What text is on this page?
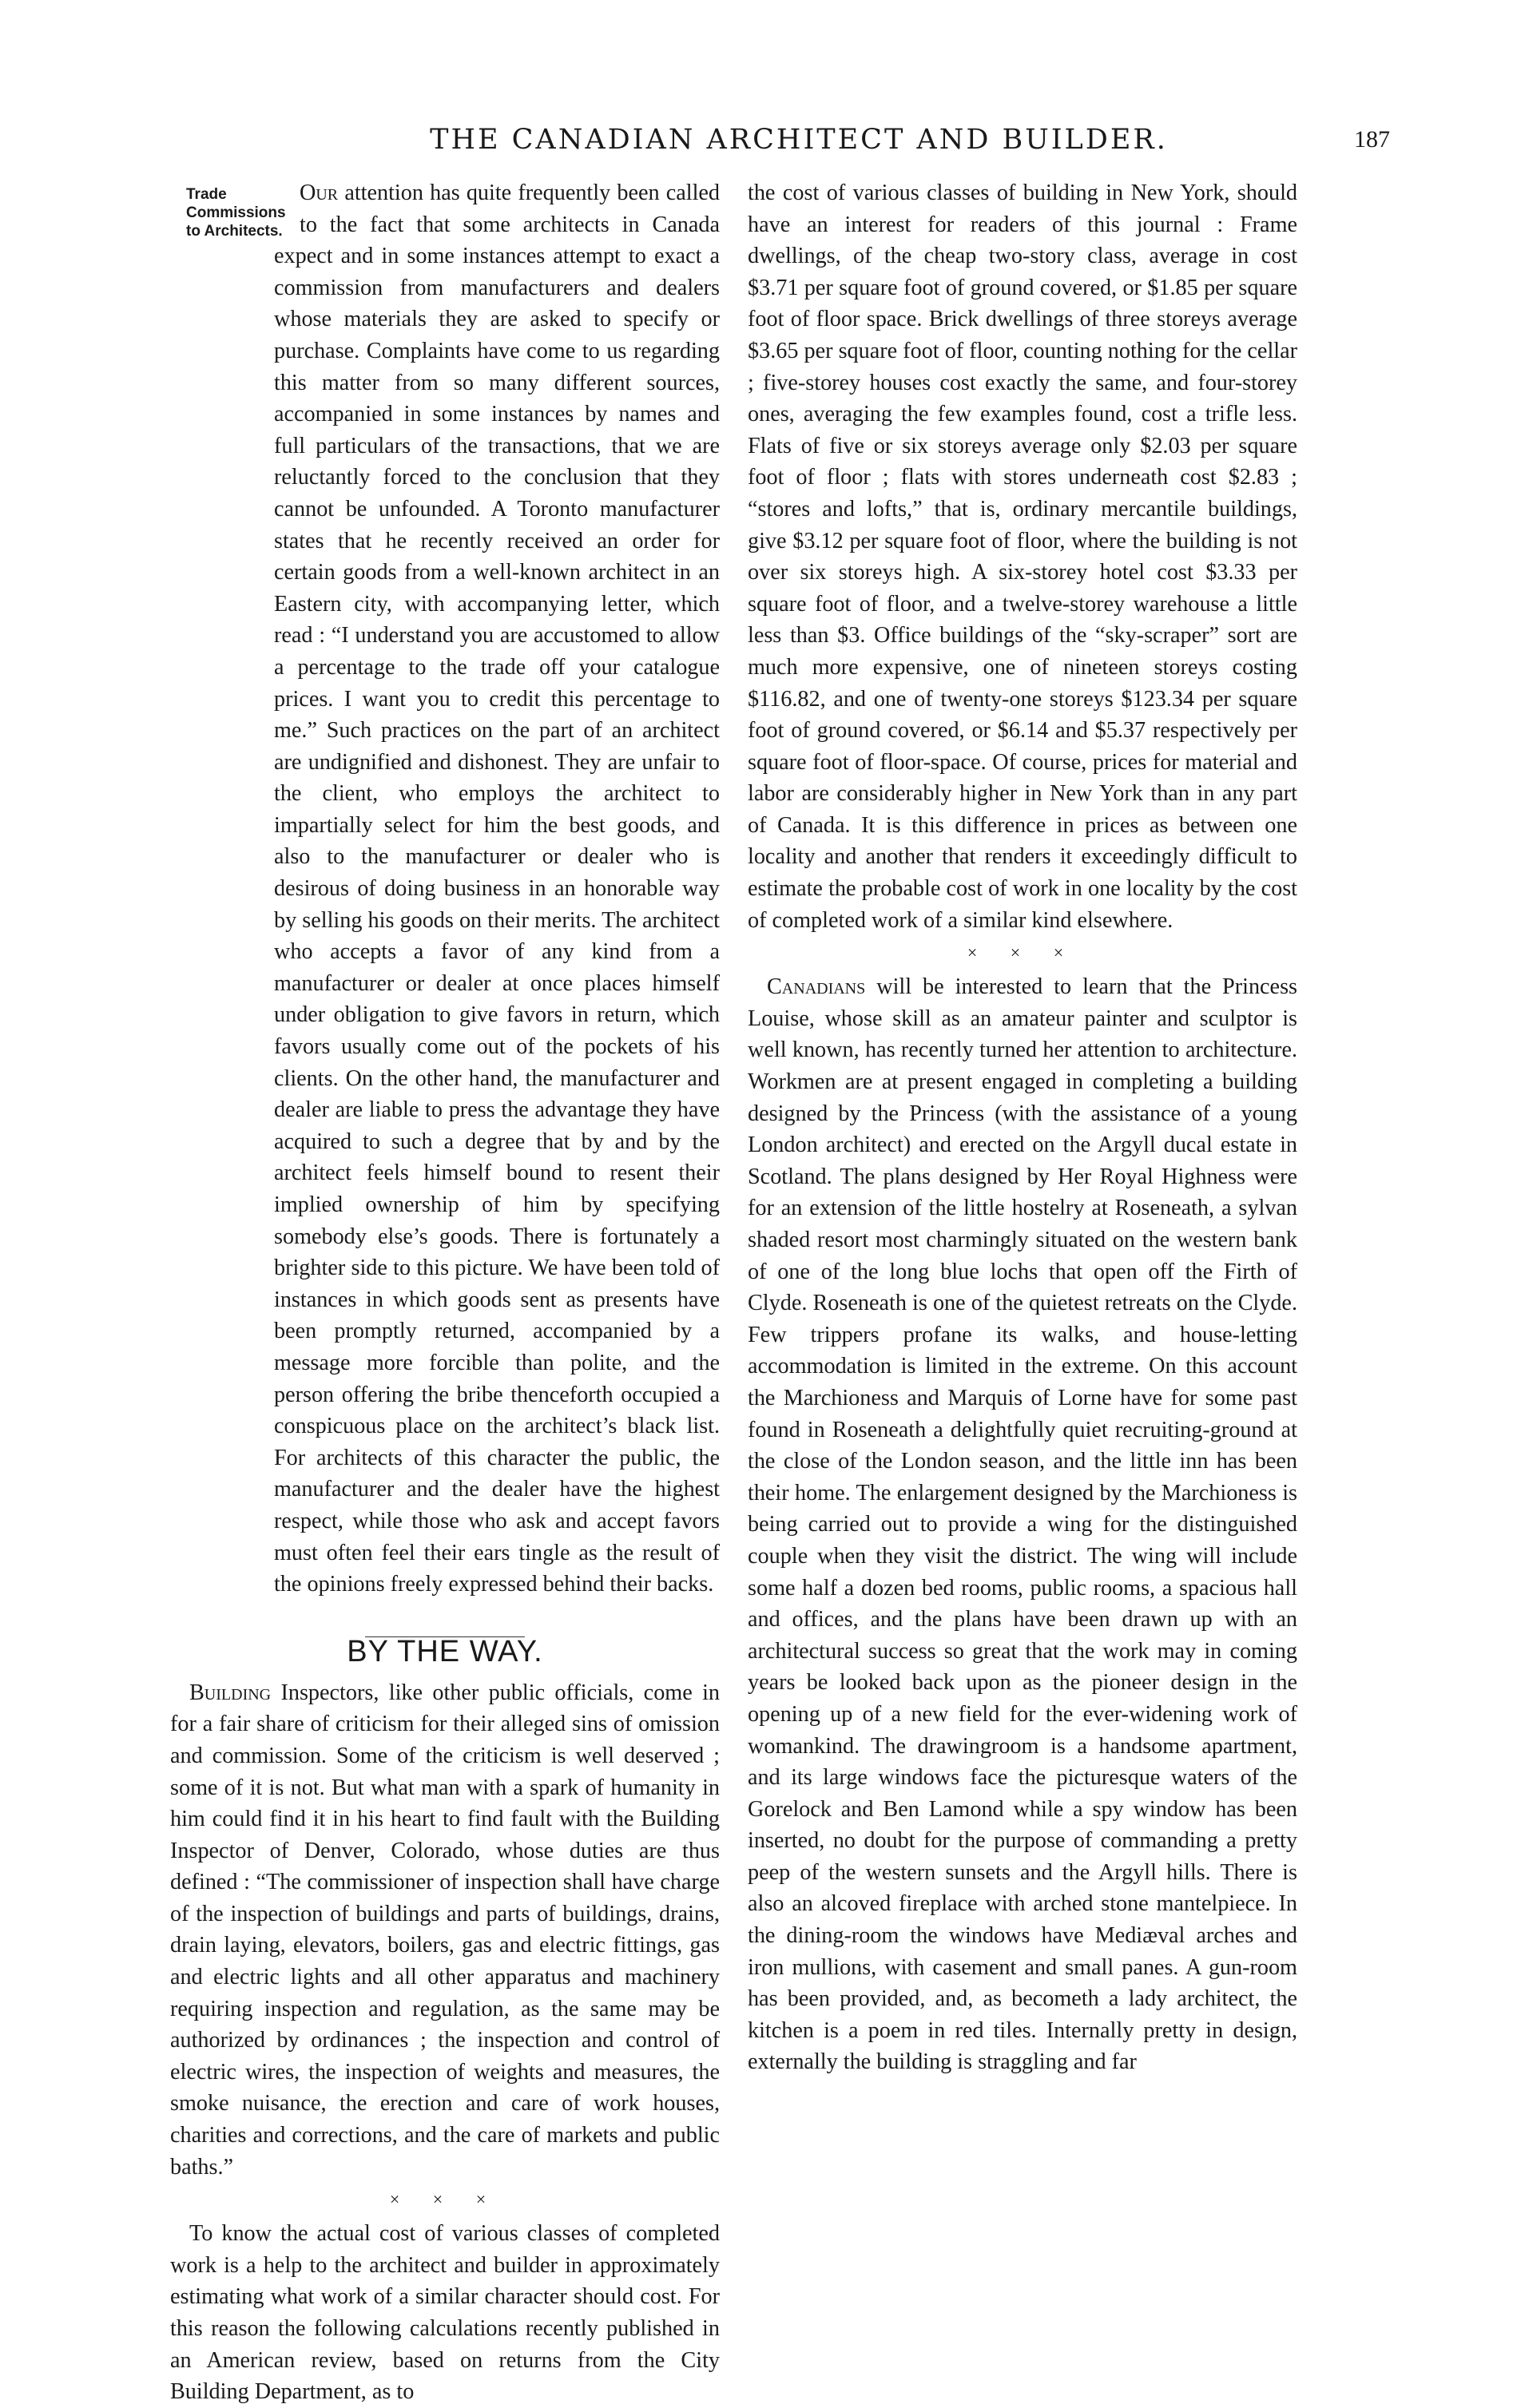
THE CANADIAN ARCHITECT AND BUILDER.	187

Trade Commissions to Architects.
Our attention has quite frequently been called to the fact that some architects in Canada expect and in some instances attempt to exact a commission from manufacturers and dealers whose materials they are asked to specify or purchase. Complaints have come to us regarding this matter from so many different sources, accompanied in some instances by names and full particulars of the transactions, that we are reluctantly forced to the conclusion that they cannot be unfounded. A Toronto manufacturer states that he recently received an order for certain goods from a well-known architect in an Eastern city, with accompanying letter, which read : “I understand you are accustomed to allow a percentage to the trade off your catalogue prices. I want you to credit this percentage to me.” Such practices on the part of an architect are undignified and dishonest. They are unfair to the client, who employs the architect to impartially select for him the best goods, and also to the manufacturer or dealer who is desirous of doing business in an honorable way by selling his goods on their merits. The architect who accepts a favor of any kind from a manufacturer or dealer at once places himself under obligation to give favors in return, which favors usually come out of the pockets of his clients. On the other hand, the manufacturer and dealer are liable to press the advantage they have acquired to such a degree that by and by the architect feels himself bound to resent their implied ownership of him by specifying somebody else’s goods. There is fortunately a brighter side to this picture. We have been told of instances in which goods sent as presents have been promptly returned, accompanied by a message more forcible than polite, and the person offering the bribe thenceforth occupied a conspicuous place on the architect’s black list. For architects of this character the public, the manufacturer and the dealer have the highest respect, while those who ask and accept favors must often feel their ears tingle as the result of the opinions freely expressed behind their backs.

BY THE WAY.

Building Inspectors, like other public officials, come in for a fair share of criticism for their alleged sins of omission and commission. Some of the criticism is well deserved ; some of it is not. But what man with a spark of humanity in him could find it in his heart to find fault with the Building Inspector of Denver, Colorado, whose duties are thus defined : “The commissioner of inspection shall have charge of the inspection of buildings and parts of buildings, drains, drain laying, elevators, boilers, gas and electric fittings, gas and electric lights and all other apparatus and machinery requiring inspection and regulation, as the same may be authorized by ordinances ; the inspection and control of electric wires, the inspection of weights and measures, the smoke nuisance, the erection and care of work houses, charities and corrections, and the care of markets and public baths.”

× × ×

To know the actual cost of various classes of completed work is a help to the architect and builder in approximately estimating what work of a similar character should cost. For this reason the following calculations recently published in an American review, based on returns from the City Building Department, as to

the cost of various classes of building in New York, should have an interest for readers of this journal : Frame dwellings, of the cheap two-story class, average in cost $3.71 per square foot of ground covered, or $1.85 per square foot of floor space. Brick dwellings of three storeys average $3.65 per square foot of floor, counting nothing for the cellar ; five-storey houses cost exactly the same, and four-storey ones, averaging the few examples found, cost a trifle less. Flats of five or six storeys average only $2.03 per square foot of floor ; flats with stores underneath cost $2.83 ; “stores and lofts,” that is, ordinary mercantile buildings, give $3.12 per square foot of floor, where the building is not over six storeys high. A six-storey hotel cost $3.33 per square foot of floor, and a twelve-storey warehouse a little less than $3. Office buildings of the “sky-scraper” sort are much more expensive, one of nineteen storeys costing $116.82, and one of twenty-one storeys $123.34 per square foot of ground covered, or $6.14 and $5.37 respectively per square foot of floor-space. Of course, prices for material and labor are considerably higher in New York than in any part of Canada. It is this difference in prices as between one locality and another that renders it exceedingly difficult to estimate the probable cost of work in one locality by the cost of completed work of a similar kind elsewhere.

× × ×

Canadians will be interested to learn that the Princess Louise, whose skill as an amateur painter and sculptor is well known, has recently turned her attention to architecture. Workmen are at present engaged in completing a building designed by the Princess (with the assistance of a young London architect) and erected on the Argyll ducal estate in Scotland. The plans designed by Her Royal Highness were for an extension of the little hostelry at Roseneath, a sylvan shaded resort most charmingly situated on the western bank of one of the long blue lochs that open off the Firth of Clyde. Roseneath is one of the quietest retreats on the Clyde. Few trippers profane its walks, and house-letting accommodation is limited in the extreme. On this account the Marchioness and Marquis of Lorne have for some past found in Roseneath a delightfully quiet recruiting-ground at the close of the London season, and the little inn has been their home. The enlargement designed by the Marchioness is being carried out to provide a wing for the distinguished couple when they visit the district. The wing will include some half a dozen bed rooms, public rooms, a spacious hall and offices, and the plans have been drawn up with an architectural success so great that the work may in coming years be looked back upon as the pioneer design in the opening up of a new field for the ever-widening work of womankind. The drawingroom is a handsome apartment, and its large windows face the picturesque waters of the Gorelock and Ben Lamond while a spy window has been inserted, no doubt for the purpose of commanding a pretty peep of the western sunsets and the Argyll hills. There is also an alcoved fireplace with arched stone mantelpiece. In the dining-room the windows have Mediæval arches and iron mullions, with casement and small panes. A gun-room has been provided, and, as becometh a lady architect, the kitchen is a poem in red tiles. Internally pretty in design, externally the building is straggling and far
